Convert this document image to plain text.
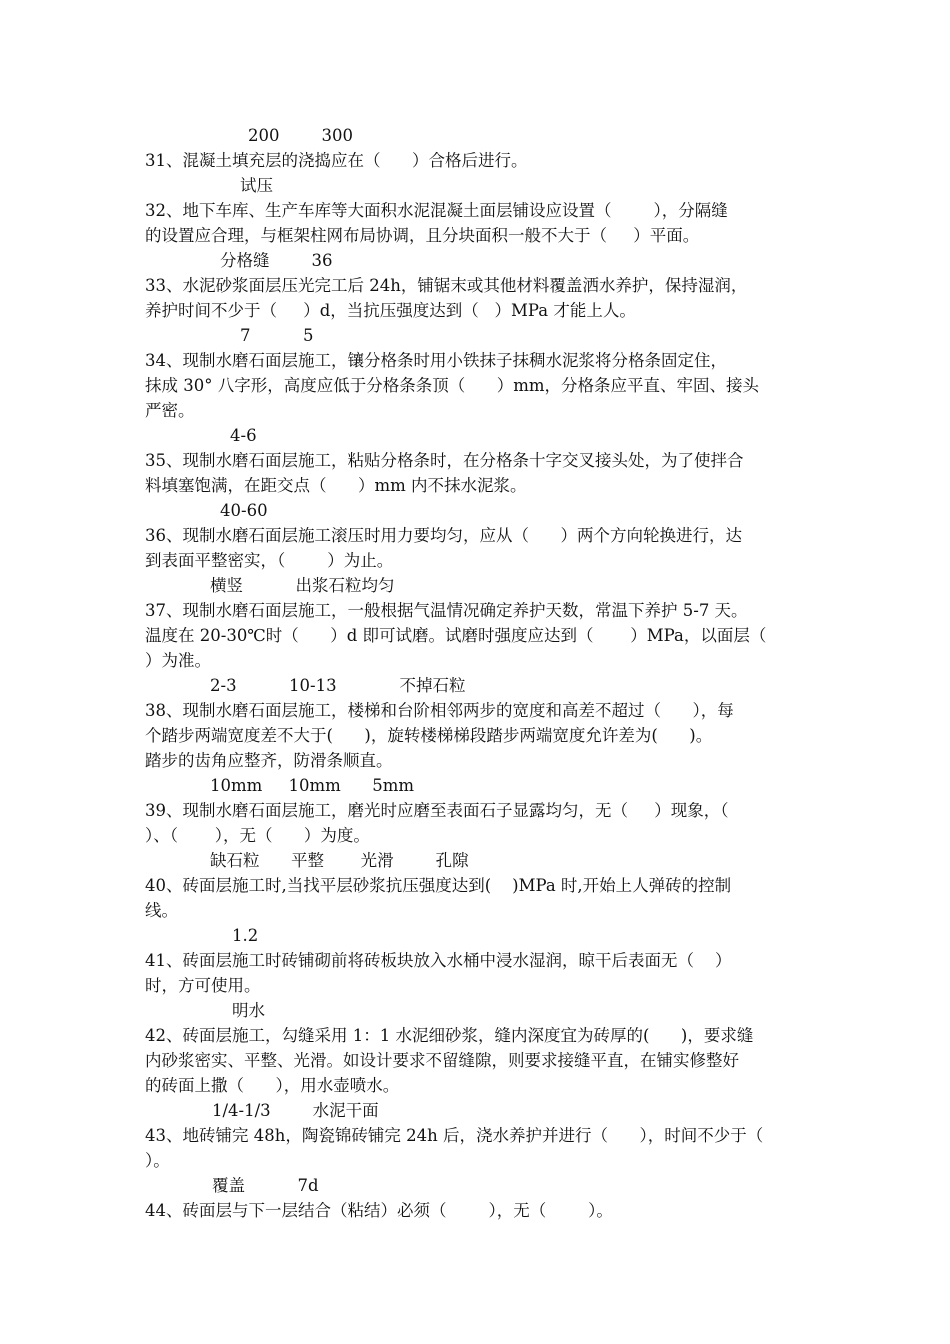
200        300
31、混凝土填充层的浇捣应在（      ）合格后进行。
试压
32、地下车库、生产车库等大面积水泥混凝土面层铺设应设置（        ），分隔缝
的设置应合理，与框架柱网布局协调，且分块面积一般不大于（     ）平面。
分格缝        36
33、水泥砂浆面层压光完工后 24h，铺锯末或其他材料覆盖洒水养护，保持湿润，
养护时间不少于（     ）d，当抗压强度达到（   ）MPa 才能上人。
7          5
34、现制水磨石面层施工，镶分格条时用小铁抹子抹稠水泥浆将分格条固定住，
抹成 30° 八字形，高度应低于分格条条顶（      ）mm，分格条应平直、牢固、接头
严密。
4-6
35、现制水磨石面层施工，粘贴分格条时，在分格条十字交叉接头处，为了使拌合
料填塞饱满，在距交点（      ）mm 内不抹水泥浆。
40-60
36、现制水磨石面层施工滚压时用力要均匀，应从（      ）两个方向轮换进行，达
到表面平整密实，（        ）为止。
横竖          出浆石粒均匀
37、现制水磨石面层施工，一般根据气温情况确定养护天数，常温下养护 5-7 天。
温度在 20-30℃时（      ）d 即可试磨。试磨时强度应达到（       ）MPa，以面层（
）为准。
2-3          10-13            不掉石粒
38、现制水磨石面层施工，楼梯和台阶相邻两步的宽度和高差不超过（      ），每
个踏步两端宽度差不大于(      )，旋转楼梯梯段踏步两端宽度允许差为(      )。
踏步的齿角应整齐，防滑条顺直。
10mm     10mm      5mm
39、现制水磨石面层施工，磨光时应磨至表面石子显露均匀，无（     ）现象，（
）、（       ），无（      ）为度。
缺石粒      平整       光滑        孔隙
40、砖面层施工时,当找平层砂浆抗压强度达到(    )MPa 时,开始上人弹砖的控制
线。
1.2
41、砖面层施工时砖铺砌前将砖板块放入水桶中浸水湿润，晾干后表面无（    ）
时，方可使用。
明水
42、砖面层施工，勾缝采用 1：1 水泥细砂浆，缝内深度宜为砖厚的(      )，要求缝
内砂浆密实、平整、光滑。如设计要求不留缝隙，则要求接缝平直，在铺实修整好
的砖面上撒（      ），用水壶喷水。
1/4-1/3        水泥干面
43、地砖铺完 48h，陶瓷锦砖铺完 24h 后，浇水养护并进行（      ），时间不少于（
）。
覆盖          7d
44、砖面层与下一层结合（粘结）必须（        ），无（        ）。
